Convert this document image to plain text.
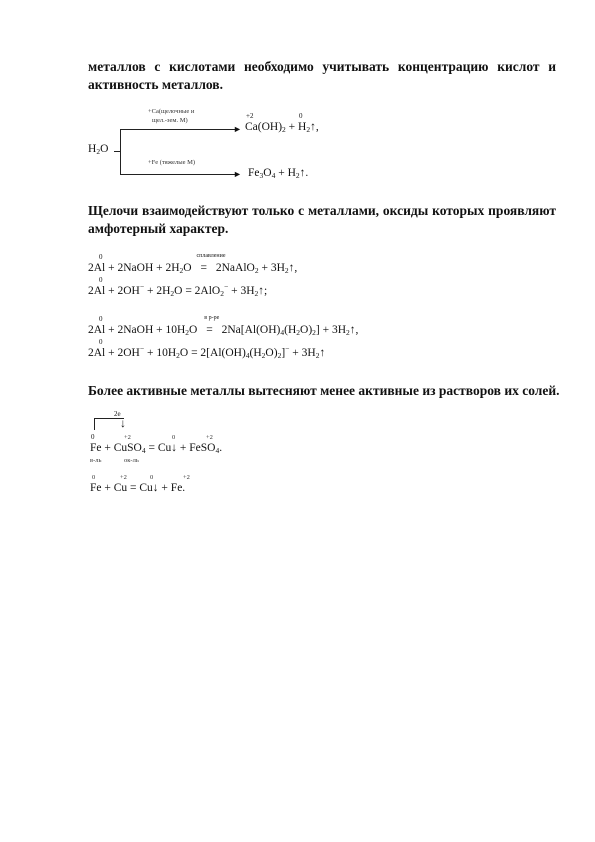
металлов с кислотами необходимо учитывать концентрацию кислот и
активность металлов.
$H_2O$
►
►
+Ca(щелочные и
щел.-зем. M)
+Fe (тяжелые M)
+2
$Ca(OH)_2$ +
0
$H_2↑$,
$Fe_3O_4$ + $H_2↑$.
Щелочи взаимодействуют только с металлами, оксиды которых проявляют
амфотерный характер.
0
2Al + 2NaOH + $2H_2O$
сплавление
= 2NaAlO$_2$ + $3H_2↑$,
0
$2Al + 2OH^- + 2H_2O = 2AlO_2^-$ + $3H_2↑$;
0
2Al + 2NaOH + $10H_2O$
в р-ре
= $2Na[Al(OH)_4(H_2O)_2]$ + $3H_2↑$,
0
$2Al + 2OH^- + 10H_2O = 2[Al(OH)_4(H_2O)_2]^-$ + $3H_2↑$
Более активные металлы вытесняют менее активные из растворов их солей.
2e
↓
0
Fe + CuSO$_4$ = Cu↓ + FeSO$_4$.
+2	0	+2
в-ль	ок-ль
Fe + Cu = Cu↓ + Fe.
0	+2	0	+2
